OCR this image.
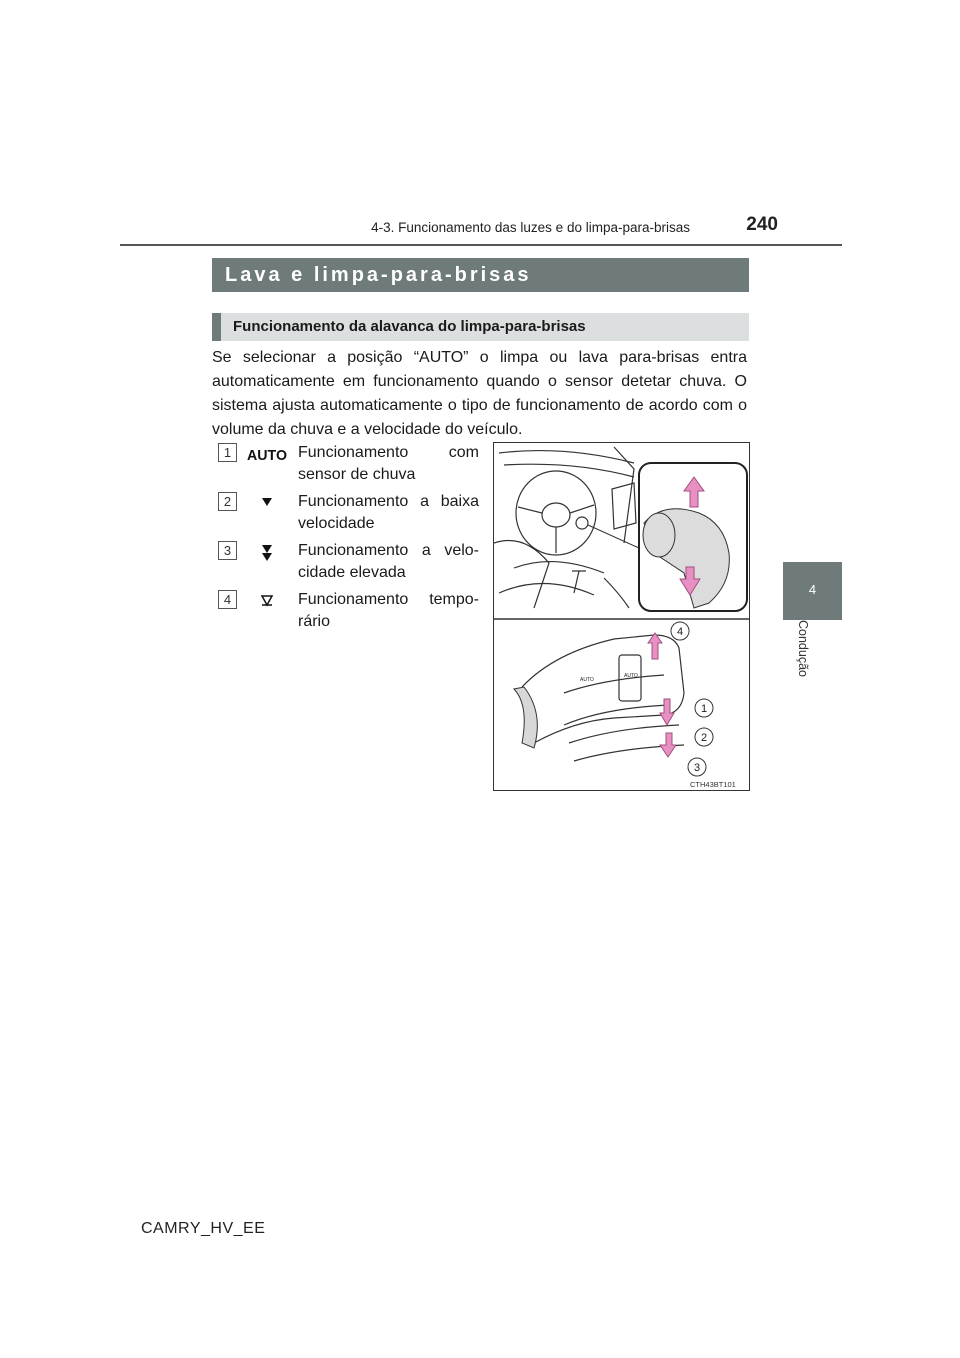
4-3. Funcionamento das luzes e do limpa-para-brisas	240
4
Condução
Lava e limpa-para-brisas
Funcionamento da alavanca do limpa-para-brisas
Se selecionar a posição “AUTO” o limpa ou lava para-brisas entra automaticamente em funcionamento quando o sensor detetar chuva. O sistema ajusta automaticamente o tipo de funcionamento de acordo com o volume da chuva e a velocidade do veículo.
1	AUTO Funcionamento com sensor de chuva
2	Funcionamento a baixa velocidade
3	Funcionamento a velo-cidade elevada
4	Funcionamento tempo-rário
AUTO
AUTO
4
1
2
3
CTH43BT101
CAMRY_HV_EE
